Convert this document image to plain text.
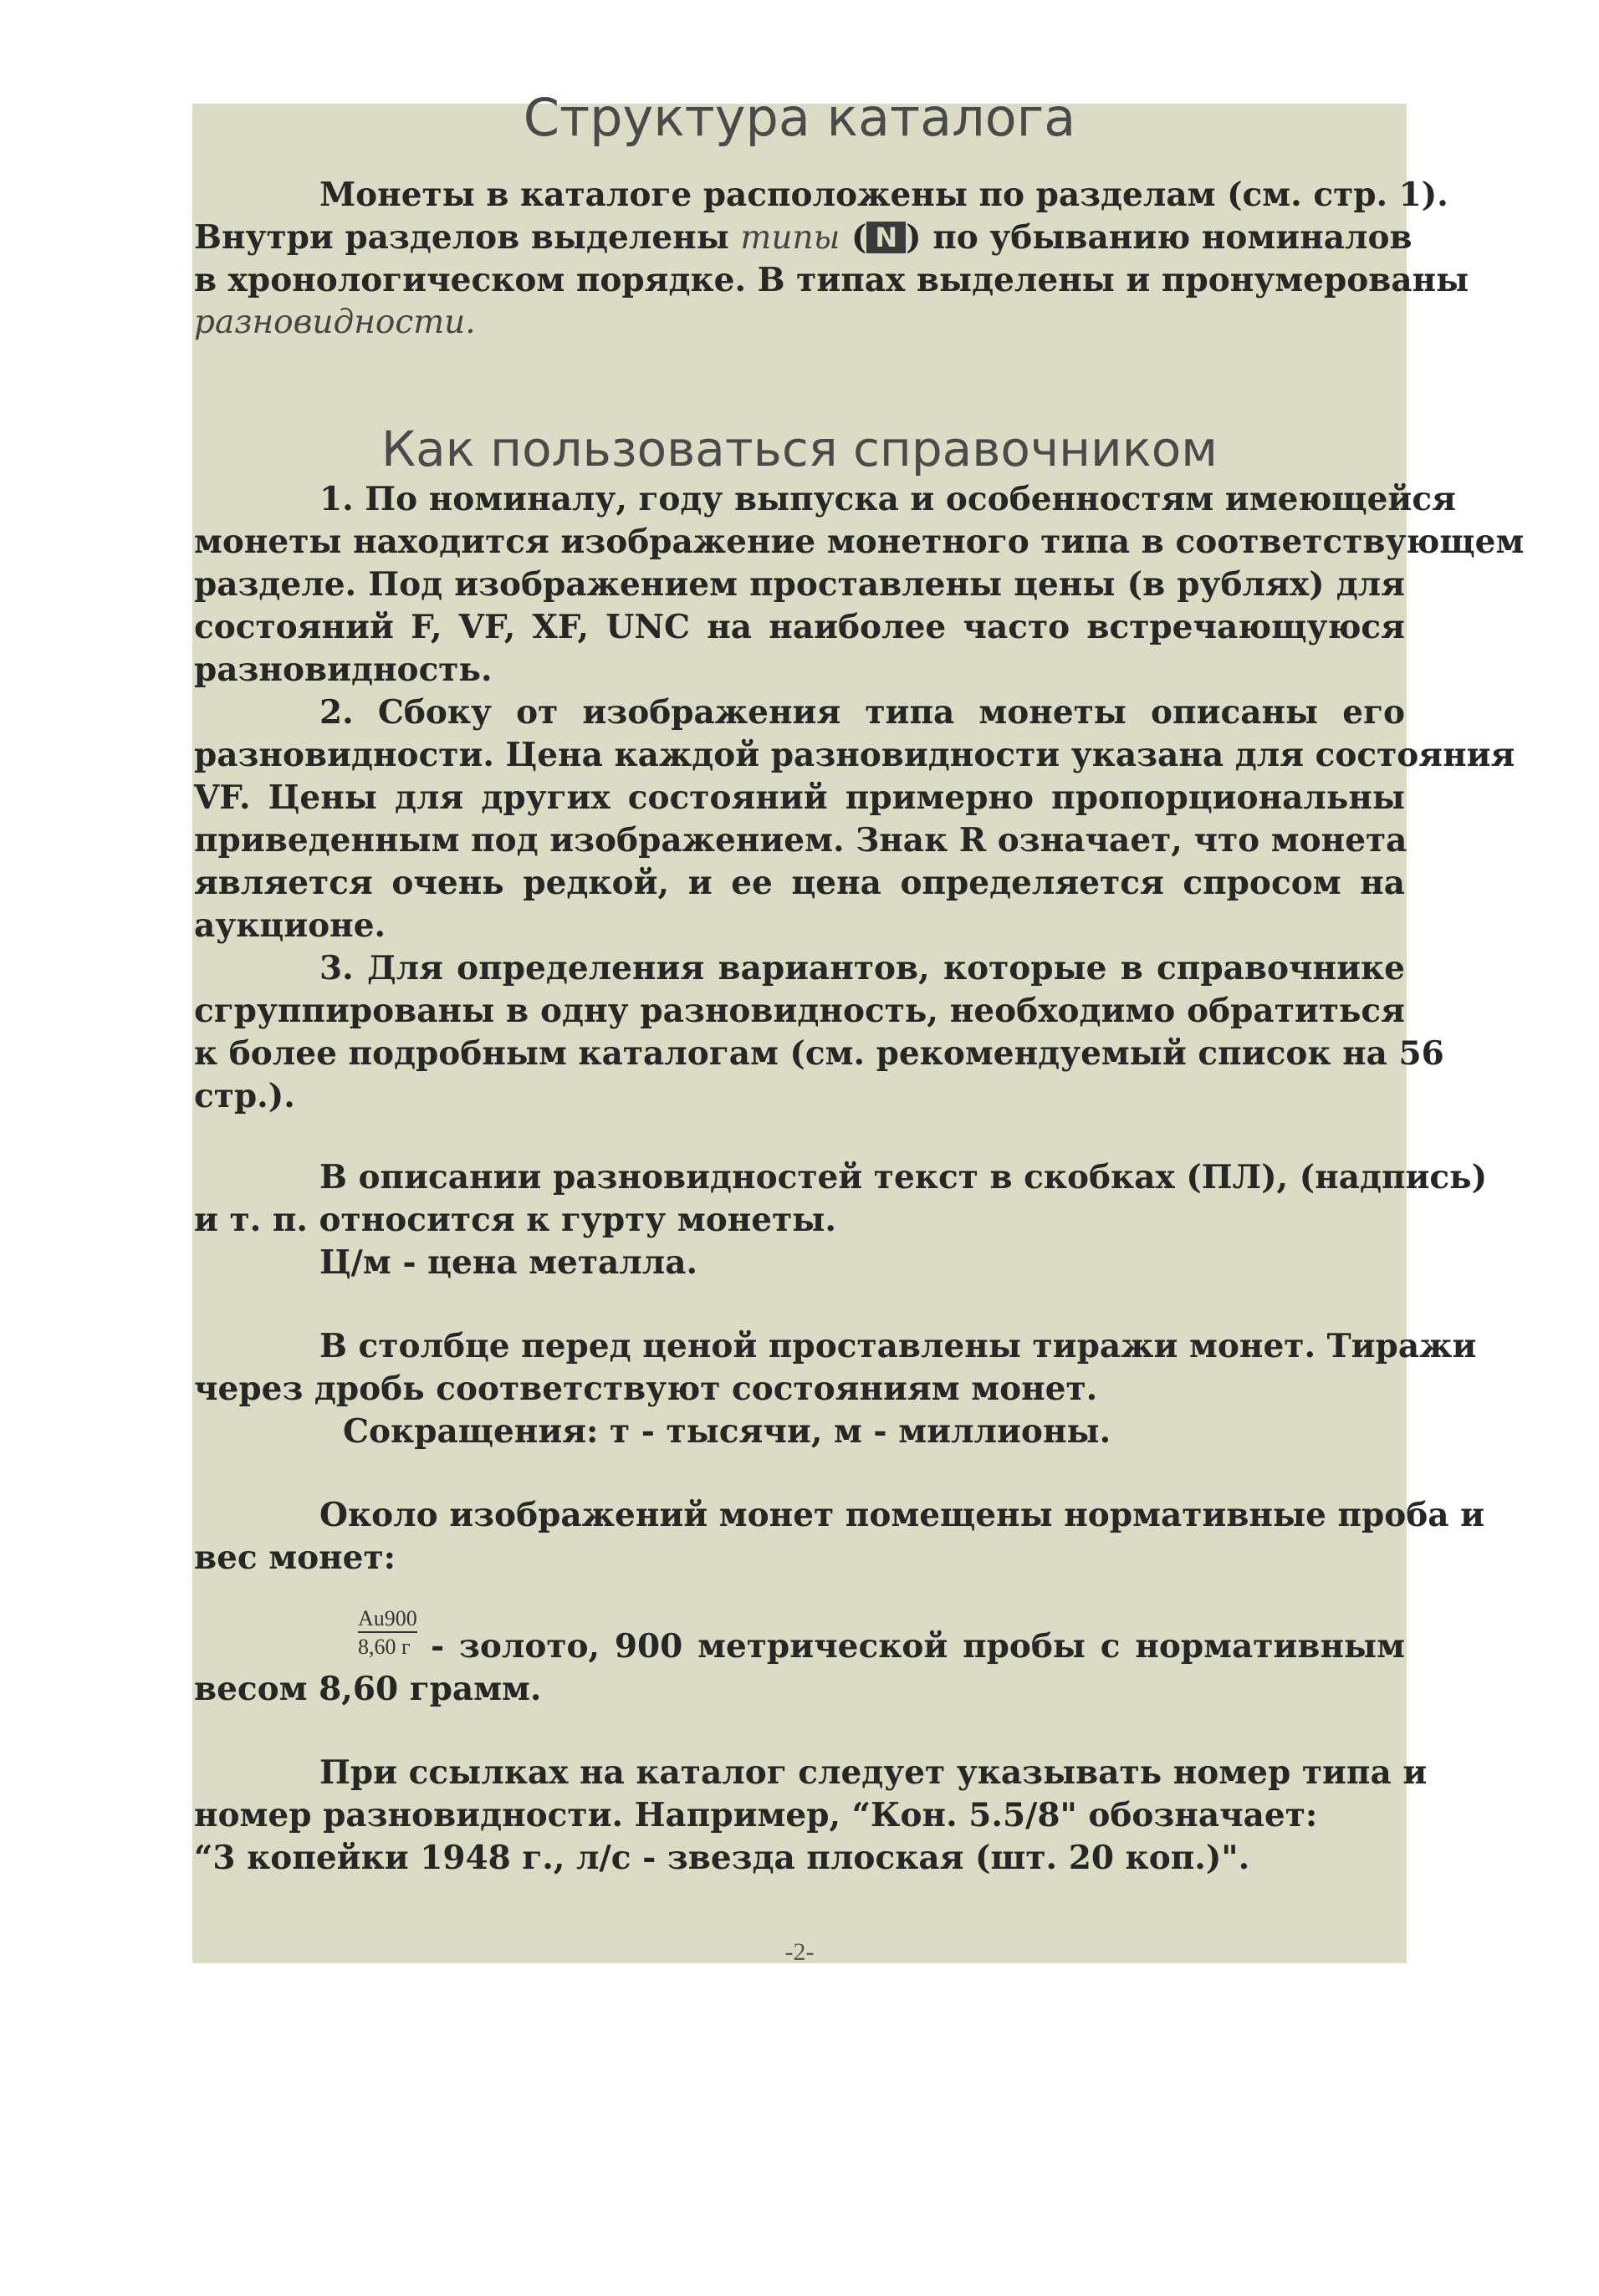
Структура каталога
Монеты в каталоге расположены по разделам (см. стр. 1).
Внутри разделов выделены типы ( N ) по убыванию номиналов
в хронологическом порядке. В типах выделены и пронумерованы
разновидности.
Как пользоваться справочником
1. По номиналу, году выпуска и особенностям имеющейся
монеты находится изображение монетного типа в соответствующем
разделе. Под изображением проставлены цены (в рублях) для
состояний F, VF, XF, UNC на наиболее часто встречающуюся
разновидность.
2. Сбоку от изображения типа монеты описаны его
разновидности. Цена каждой разновидности указана для состояния
VF. Цены для других состояний примерно пропорциональны
приведенным под изображением. Знак R означает, что монета
является очень редкой, и ее цена определяется спросом на
аукционе.
3. Для определения вариантов, которые в справочнике
сгруппированы в одну разновидность, необходимо обратиться
к более подробным каталогам (см. рекомендуемый список на 56
стр.).
В описании разновидностей текст в скобках (ПЛ), (надпись)
и т. п. относится к гурту монеты.
Ц/м - цена металла.
В столбце перед ценой проставлены тиражи монет. Тиражи
через дробь соответствуют состояниям монет.
Сокращения: т - тысячи, м - миллионы.
Около изображений монет помещены нормативные проба и
вес монет:
Au900
8,60 г - золото, 900 метрической пробы с нормативным
весом 8,60 грамм.
При ссылках на каталог следует указывать номер типа и
номер разновидности. Например, “Кон. 5.5/8" обозначает:
“3 копейки 1948 г., л/с - звезда плоская (шт. 20 коп.)".
-2-
